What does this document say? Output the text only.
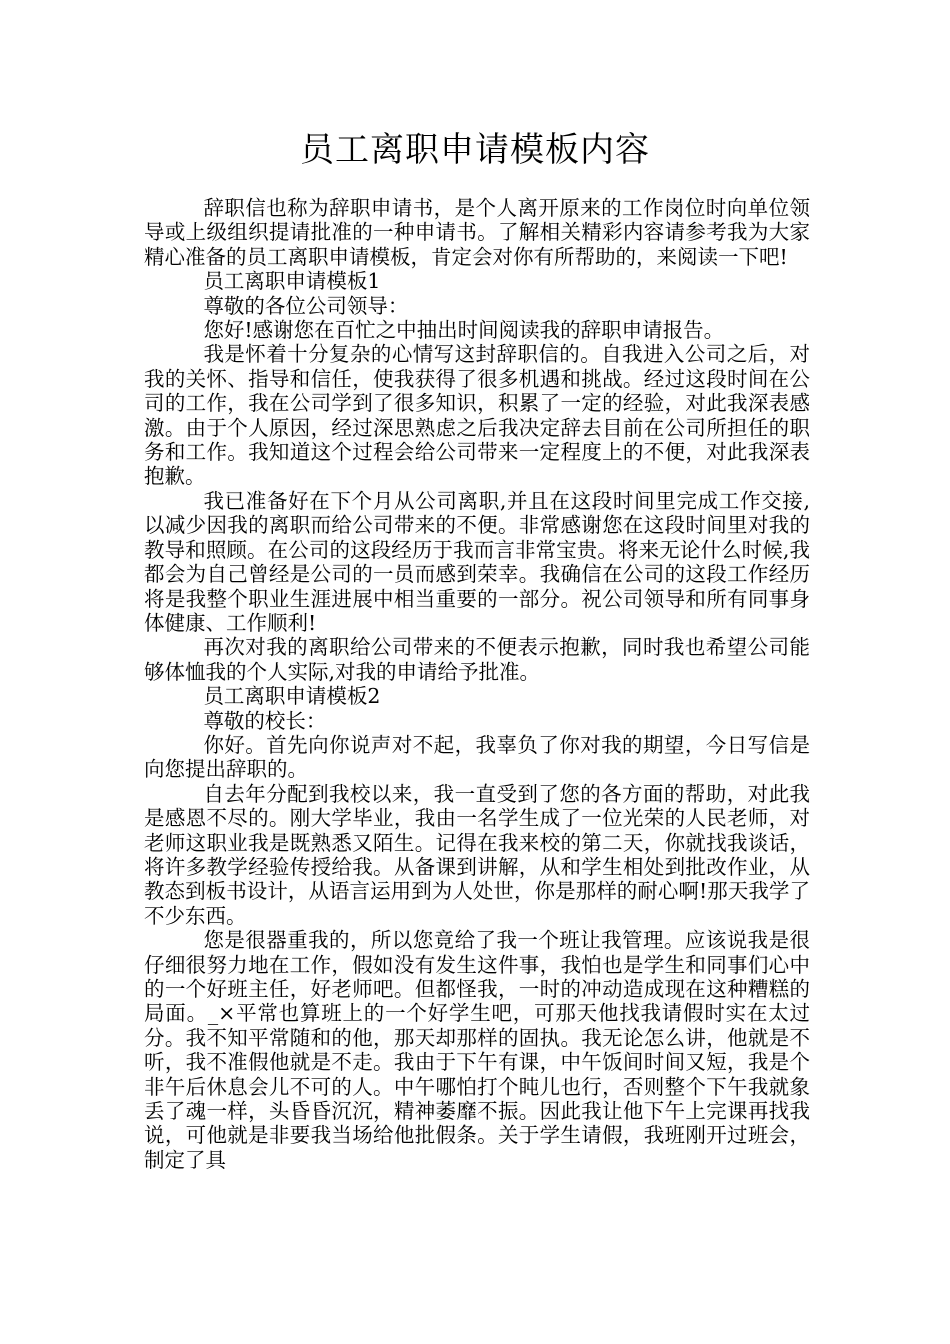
员工离职申请模板内容

辞职信也称为辞职申请书，是个人离开原来的工作岗位时向单位领导或上级组织提请批准的一种申请书。了解相关精彩内容请参考我为大家精心准备的员工离职申请模板，肯定会对你有所帮助的，来阅读一下吧!

员工离职申请模板1

尊敬的各位公司领导：

您好!感谢您在百忙之中抽出时间阅读我的辞职申请报告。

我是怀着十分复杂的心情写这封辞职信的。自我进入公司之后，对我的关怀、指导和信任，使我获得了很多机遇和挑战。经过这段时间在公司的工作，我在公司学到了很多知识，积累了一定的经验，对此我深表感激。由于个人原因，经过深思熟虑之后我决定辞去目前在公司所担任的职务和工作。我知道这个过程会给公司带来一定程度上的不便，对此我深表抱歉。

我已准备好在下个月从公司离职,并且在这段时间里完成工作交接,以减少因我的离职而给公司带来的不便。非常感谢您在这段时间里对我的教导和照顾。在公司的这段经历于我而言非常宝贵。将来无论什么时候,我都会为自己曾经是公司的一员而感到荣幸。我确信在公司的这段工作经历将是我整个职业生涯进展中相当重要的一部分。祝公司领导和所有同事身体健康、工作顺利!

再次对我的离职给公司带来的不便表示抱歉，同时我也希望公司能够体恤我的个人实际,对我的申请给予批准。

员工离职申请模板2

尊敬的校长：

你好。首先向你说声对不起，我辜负了你对我的期望，今日写信是向您提出辞职的。

自去年分配到我校以来，我一直受到了您的各方面的帮助，对此我是感恩不尽的。刚大学毕业，我由一名学生成了一位光荣的人民老师，对老师这职业我是既熟悉又陌生。记得在我来校的第二天，你就找我谈话，将许多教学经验传授给我。从备课到讲解，从和学生相处到批改作业，从教态到板书设计，从语言运用到为人处世，你是那样的耐心啊!那天我学了不少东西。

您是很器重我的，所以您竟给了我一个班让我管理。应该说我是很仔细很努力地在工作，假如没有发生这件事，我怕也是学生和同事们心中的一个好班主任，好老师吧。但都怪我，一时的冲动造成现在这种糟糕的局面。_×平常也算班上的一个好学生吧，可那天他找我请假时实在太过分。我不知平常随和的他，那天却那样的固执。我无论怎么讲，他就是不听，我不准假他就是不走。我由于下午有课，中午饭间时间又短，我是个非午后休息会儿不可的人。中午哪怕打个盹儿也行，否则整个下午我就象丢了魂一样，头昏昏沉沉，精神萎靡不振。因此我让他下午上完课再找我说，可他就是非要我当场给他批假条。关于学生请假，我班刚开过班会，制定了具
